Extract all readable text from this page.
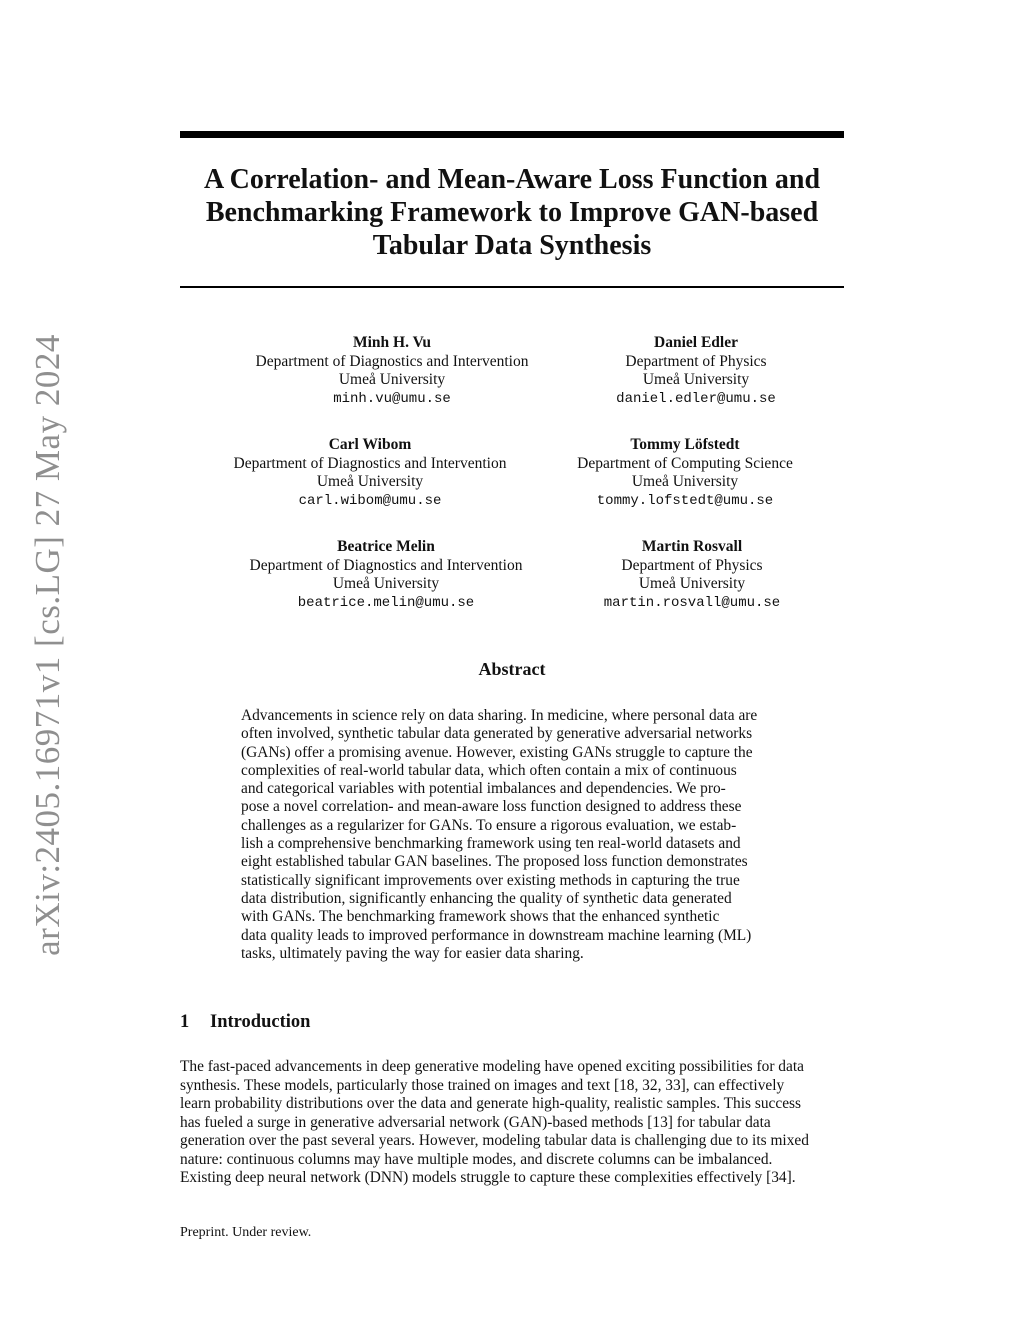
arXiv:2405.16971v1 [cs.LG] 27 May 2024
A Correlation- and Mean-Aware Loss Function and
Benchmarking Framework to Improve GAN-based
Tabular Data Synthesis
Minh H. Vu
Department of Diagnostics and Intervention
Umeå University
minh.vu@umu.se
Daniel Edler
Department of Physics
Umeå University
daniel.edler@umu.se
Carl Wibom
Department of Diagnostics and Intervention
Umeå University
carl.wibom@umu.se
Tommy Löfstedt
Department of Computing Science
Umeå University
tommy.lofstedt@umu.se
Beatrice Melin
Department of Diagnostics and Intervention
Umeå University
beatrice.melin@umu.se
Martin Rosvall
Department of Physics
Umeå University
martin.rosvall@umu.se
Abstract

Advancements in science rely on data sharing. In medicine, where personal data are
often involved, synthetic tabular data generated by generative adversarial networks
(GANs) offer a promising avenue. However, existing GANs struggle to capture the
complexities of real-world tabular data, which often contain a mix of continuous
and categorical variables with potential imbalances and dependencies. We pro-
pose a novel correlation- and mean-aware loss function designed to address these
challenges as a regularizer for GANs. To ensure a rigorous evaluation, we estab-
lish a comprehensive benchmarking framework using ten real-world datasets and
eight established tabular GAN baselines. The proposed loss function demonstrates
statistically significant improvements over existing methods in capturing the true
data distribution, significantly enhancing the quality of synthetic data generated
with GANs. The benchmarking framework shows that the enhanced synthetic
data quality leads to improved performance in downstream machine learning (ML)
tasks, ultimately paving the way for easier data sharing.

1 Introduction

The fast-paced advancements in deep generative modeling have opened exciting possibilities for data
synthesis. These models, particularly those trained on images and text [18, 32, 33], can effectively
learn probability distributions over the data and generate high-quality, realistic samples. This success
has fueled a surge in generative adversarial network (GAN)-based methods [13] for tabular data
generation over the past several years. However, modeling tabular data is challenging due to its mixed
nature: continuous columns may have multiple modes, and discrete columns can be imbalanced.
Existing deep neural network (DNN) models struggle to capture these complexities effectively [34].

Preprint. Under review.
